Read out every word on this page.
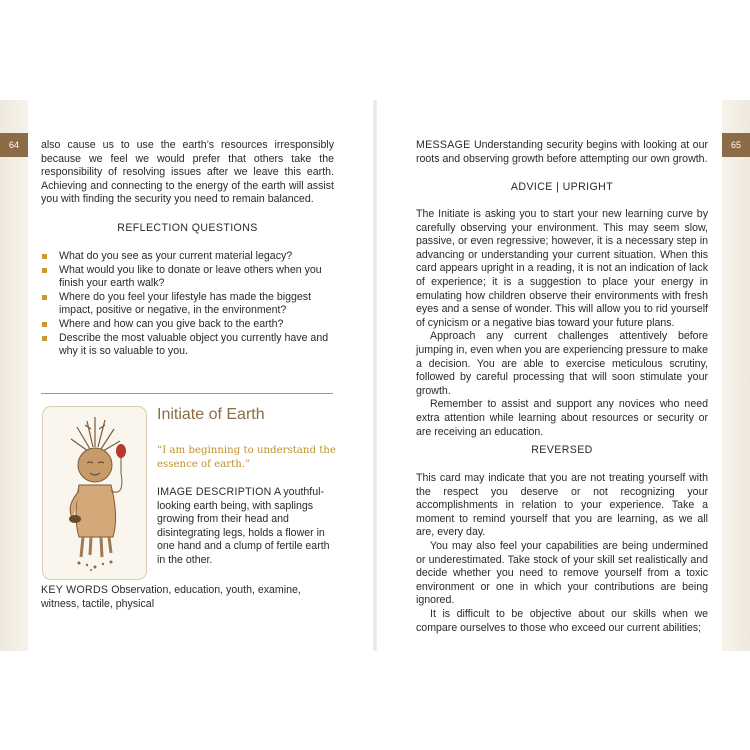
64	65

also cause us to use the earth’s resources irresponsibly because we feel we would prefer that others take the responsibility of resolving issues after we leave this earth. Achieving and connecting to the energy of the earth will assist you with finding the security you need to remain balanced.

REFLECTION QUESTIONS
What do you see as your current material legacy?
What would you like to donate or leave others when you finish your earth walk?
Where do you feel your lifestyle has made the biggest impact, positive or negative, in the environment?
Where and how can you give back to the earth?
Describe the most valuable object you currently have and why it is so valuable to you.
Initiate of Earth
“I am beginning to understand the essence of earth.”

IMAGE DESCRIPTION A youthful-looking earth being, with saplings growing from their head and disintegrating legs, holds a flower in one hand and a clump of fertile earth in the other.

KEY WORDS Observation, education, youth, examine, witness, tactile, physical

MESSAGE Understanding security begins with looking at our roots and observing growth before attempting our own growth.

ADVICE | UPRIGHT

The Initiate is asking you to start your new learning curve by carefully observing your environment. This may seem slow, passive, or even regressive; however, it is a necessary step in advancing or understanding your current situation. When this card appears upright in a reading, it is not an indication of lack of experience; it is a suggestion to place your energy in emulating how children observe their environments with fresh eyes and a sense of wonder. This will allow you to rid yourself of cynicism or a negative bias toward your future plans.

Approach any current challenges attentively before jumping in, even when you are experiencing pressure to make a decision. You are able to exercise meticulous scrutiny, followed by careful processing that will soon stimulate your growth.

Remember to assist and support any novices who need extra attention while learning about resources or security or are receiving an education.

REVERSED

This card may indicate that you are not treating yourself with the respect you deserve or not recognizing your accomplishments in relation to your experience. Take a moment to remind yourself that you are learning, as we all are, every day.

You may also feel your capabilities are being undermined or underestimated. Take stock of your skill set realistically and decide whether you need to remove yourself from a toxic environment or one in which your contributions are being ignored.

It is difficult to be objective about our skills when we compare ourselves to those who exceed our current abilities;
